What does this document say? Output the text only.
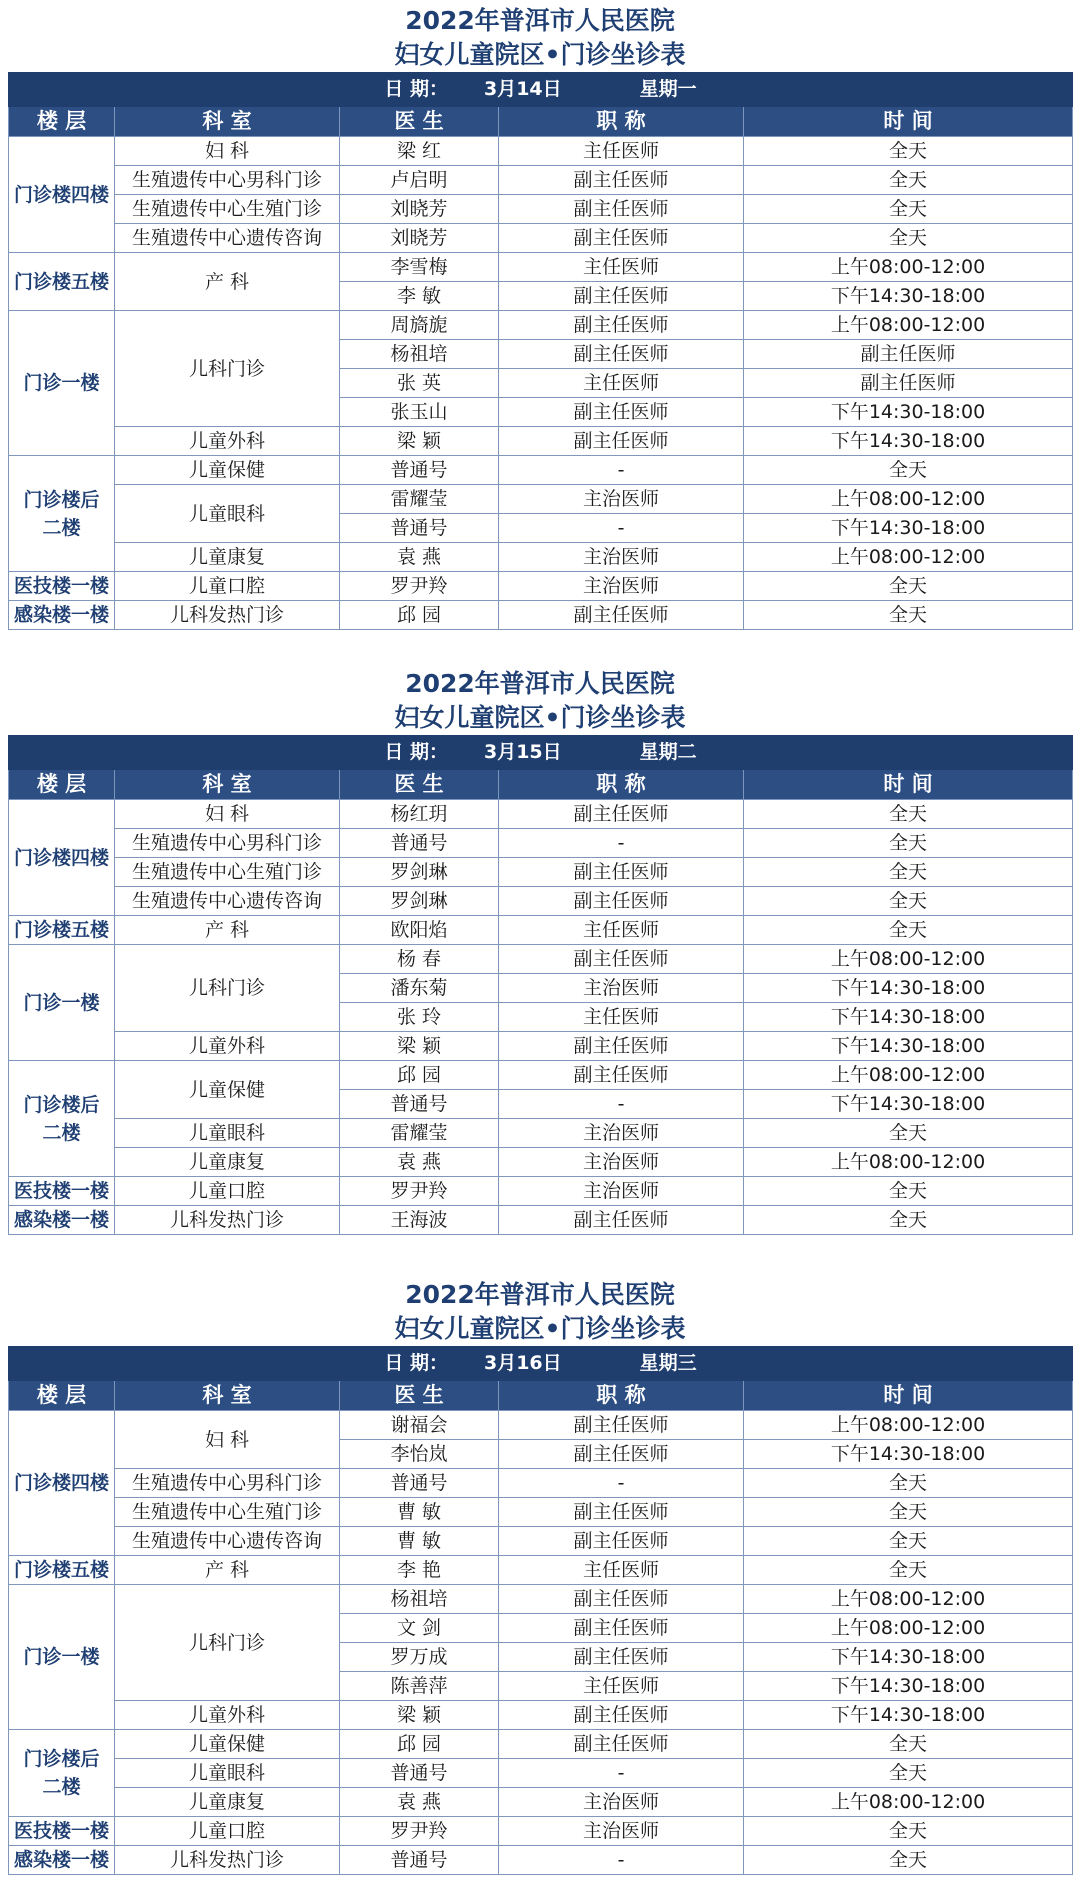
2022年普洱市人民医院
妇女儿童院区•门诊坐诊表
日 期： 3月14日 星期一				
楼 层	科 室	医 生	职 称	时 间
门诊楼四楼	妇 科	梁 红	主任医师	全天
	生殖遗传中心男科门诊	卢启明	副主任医师	全天
	生殖遗传中心生殖门诊	刘晓芳	副主任医师	全天
	生殖遗传中心遗传咨询	刘晓芳	副主任医师	全天
门诊楼五楼	产 科	李雪梅	主任医师	上午08:00-12:00
		李 敏	副主任医师	下午14:30-18:00
门诊一楼	儿科门诊	周旖旎	副主任医师	上午08:00-12:00
		杨祖培	副主任医师	副主任医师
		张 英	主任医师	副主任医师
		张玉山	副主任医师	下午14:30-18:00
	儿童外科	梁 颖	副主任医师	下午14:30-18:00

门诊楼后
二楼	儿童保健	普通号	-	全天
	儿童眼科	雷耀莹	主治医师	上午08:00-12:00
		普通号	-	下午14:30-18:00
	儿童康复	袁 燕	主治医师	上午08:00-12:00
医技楼一楼	儿童口腔	罗尹羚	主治医师	全天
感染楼一楼	儿科发热门诊	邱 园	副主任医师	全天
2022年普洱市人民医院
妇女儿童院区•门诊坐诊表
日 期： 3月15日 星期二				
楼 层	科 室	医 生	职 称	时 间
门诊楼四楼	妇 科	杨红玥	副主任医师	全天
	生殖遗传中心男科门诊	普通号	-	全天
	生殖遗传中心生殖门诊	罗剑琳	副主任医师	全天
	生殖遗传中心遗传咨询	罗剑琳	副主任医师	全天
门诊楼五楼	产 科	欧阳焰	主任医师	全天
门诊一楼	儿科门诊	杨 春	副主任医师	上午08:00-12:00
		潘东菊	主治医师	下午14:30-18:00
		张 玲	主任医师	下午14:30-18:00
	儿童外科	梁 颖	副主任医师	下午14:30-18:00

门诊楼后
二楼	儿童保健	邱 园	副主任医师	上午08:00-12:00
		普通号	-	下午14:30-18:00
	儿童眼科	雷耀莹	主治医师	全天
	儿童康复	袁 燕	主治医师	上午08:00-12:00
医技楼一楼	儿童口腔	罗尹羚	主治医师	全天
感染楼一楼	儿科发热门诊	王海波	副主任医师	全天
2022年普洱市人民医院
妇女儿童院区•门诊坐诊表
日 期： 3月16日 星期三				
楼 层	科 室	医 生	职 称	时 间
门诊楼四楼	妇 科	谢福会	副主任医师	上午08:00-12:00
		李怡岚	副主任医师	下午14:30-18:00
	生殖遗传中心男科门诊	普通号	-	全天
	生殖遗传中心生殖门诊	曹 敏	副主任医师	全天
	生殖遗传中心遗传咨询	曹 敏	副主任医师	全天
门诊楼五楼	产 科	李 艳	主任医师	全天
门诊一楼	儿科门诊	杨祖培	副主任医师	上午08:00-12:00
		文 剑	副主任医师	上午08:00-12:00
		罗万成	副主任医师	下午14:30-18:00
		陈善萍	主任医师	下午14:30-18:00
	儿童外科	梁 颖	副主任医师	下午14:30-18:00

门诊楼后
二楼	儿童保健	邱 园	副主任医师	全天
	儿童眼科	普通号	-	全天
	儿童康复	袁 燕	主治医师	上午08:00-12:00
医技楼一楼	儿童口腔	罗尹羚	主治医师	全天
感染楼一楼	儿科发热门诊	普通号	-	全天
